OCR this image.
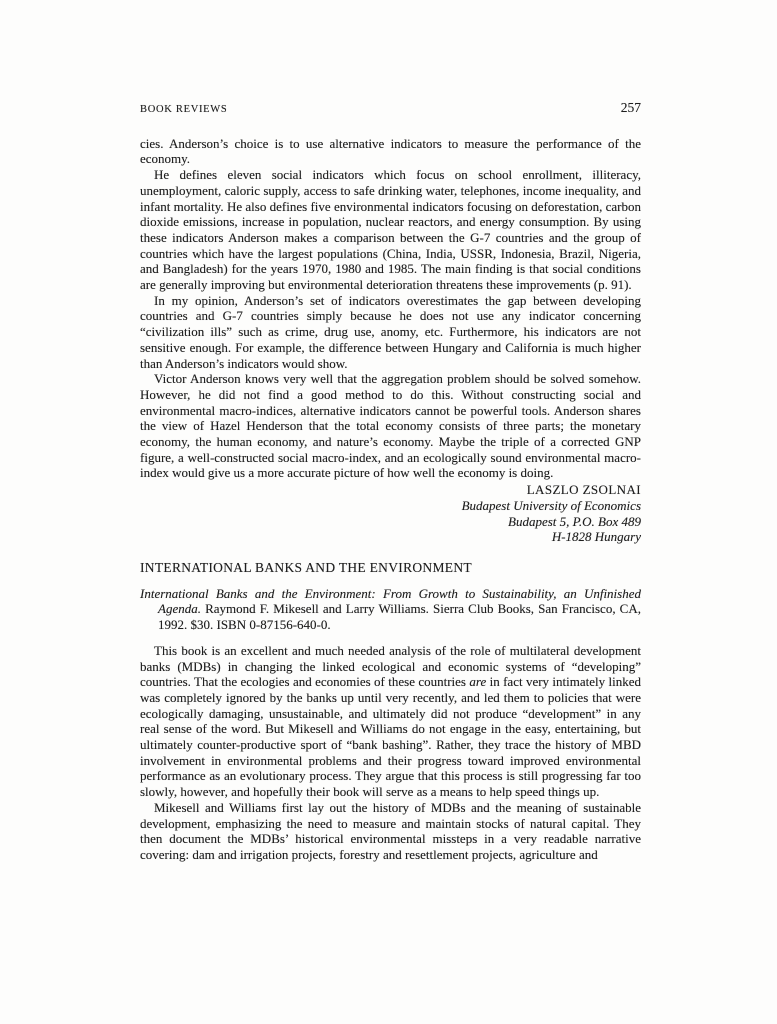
BOOK REVIEWS	257

cies. Anderson’s choice is to use alternative indicators to measure the performance of the economy.

He defines eleven social indicators which focus on school enrollment, illiteracy, unemployment, caloric supply, access to safe drinking water, telephones, income inequality, and infant mortality. He also defines five environmental indicators focusing on deforestation, carbon dioxide emissions, increase in population, nuclear reactors, and energy consumption. By using these indicators Anderson makes a comparison between the G-7 countries and the group of countries which have the largest populations (China, India, USSR, Indonesia, Brazil, Nigeria, and Bangladesh) for the years 1970, 1980 and 1985. The main finding is that social conditions are generally improving but environmental deterioration threatens these improvements (p. 91).

In my opinion, Anderson’s set of indicators overestimates the gap between developing countries and G-7 countries simply because he does not use any indicator concerning “civilization ills” such as crime, drug use, anomy, etc. Furthermore, his indicators are not sensitive enough. For example, the difference between Hungary and California is much higher than Anderson’s indicators would show.

Victor Anderson knows very well that the aggregation problem should be solved somehow. However, he did not find a good method to do this. Without constructing social and environmental macro-indices, alternative indicators cannot be powerful tools. Anderson shares the view of Hazel Henderson that the total economy consists of three parts; the monetary economy, the human economy, and nature’s economy. Maybe the triple of a corrected GNP figure, a well-constructed social macro-index, and an ecologically sound environmental macro-index would give us a more accurate picture of how well the economy is doing.

LASZLO ZSOLNAI
Budapest University of Economics
Budapest 5, P.O. Box 489
H-1828 Hungary
INTERNATIONAL BANKS AND THE ENVIRONMENT

International Banks and the Environment: From Growth to Sustainability, an Unfinished Agenda. Raymond F. Mikesell and Larry Williams. Sierra Club Books, San Francisco, CA, 1992. $30. ISBN 0-87156-640-0.

This book is an excellent and much needed analysis of the role of multilateral development banks (MDBs) in changing the linked ecological and economic systems of “developing” countries. That the ecologies and economies of these countries are in fact very intimately linked was completely ignored by the banks up until very recently, and led them to policies that were ecologically damaging, unsustainable, and ultimately did not produce “development” in any real sense of the word. But Mikesell and Williams do not engage in the easy, entertaining, but ultimately counter-productive sport of “bank bashing”. Rather, they trace the history of MBD involvement in environmental problems and their progress toward improved environmental performance as an evolutionary process. They argue that this process is still progressing far too slowly, however, and hopefully their book will serve as a means to help speed things up.

Mikesell and Williams first lay out the history of MDBs and the meaning of sustainable development, emphasizing the need to measure and maintain stocks of natural capital. They then document the MDBs’ historical environmental missteps in a very readable narrative covering: dam and irrigation projects, forestry and resettlement projects, agriculture and
